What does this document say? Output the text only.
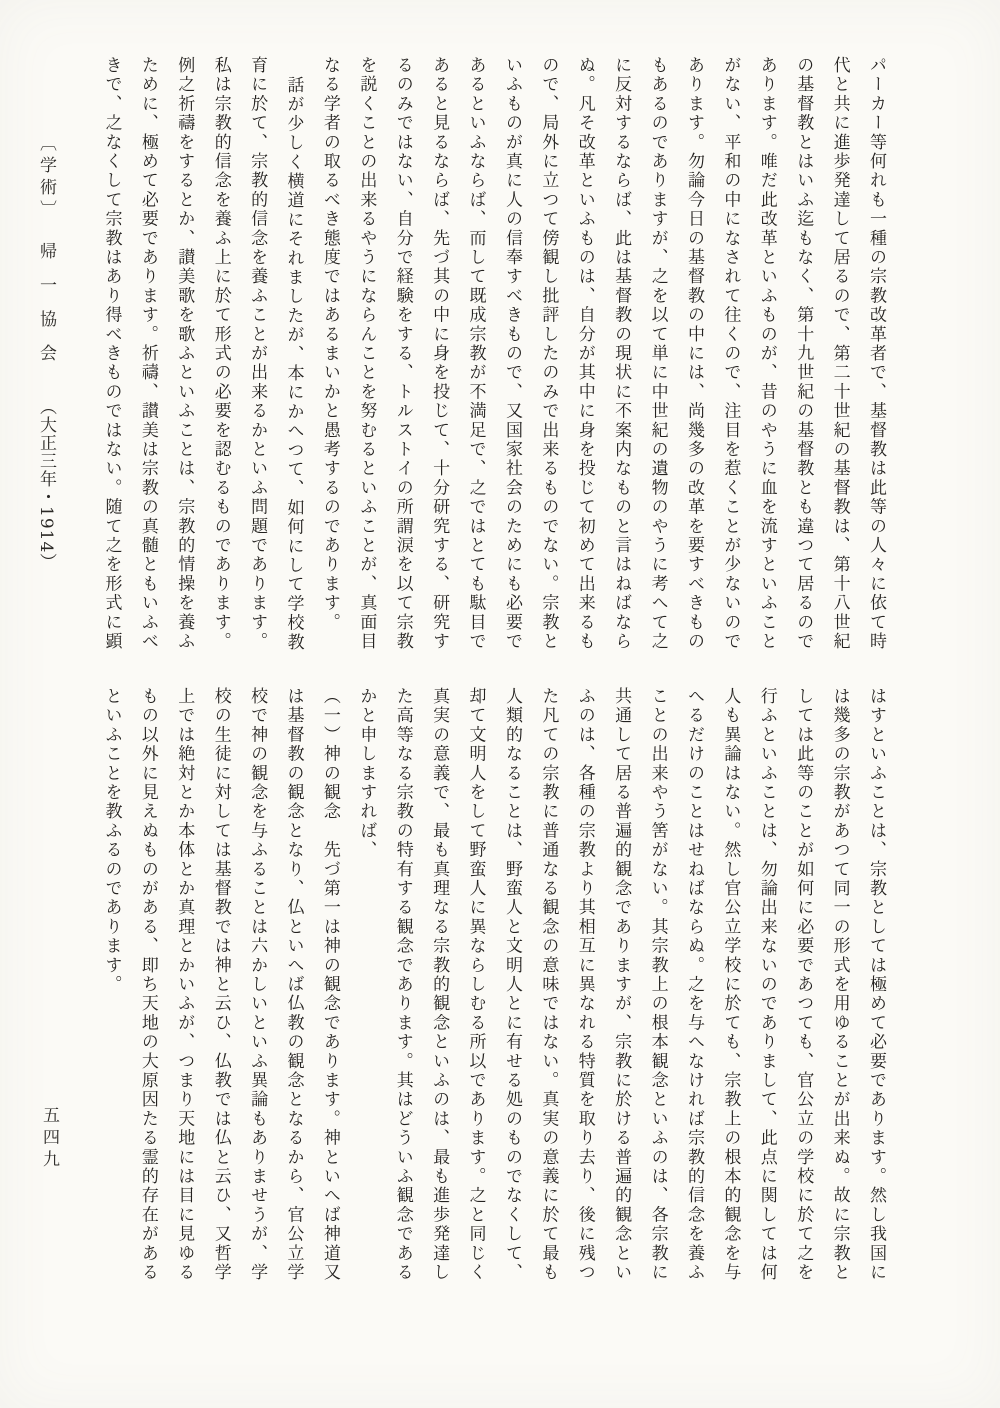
〔学術〕
帰一協会
（大正三年・1914）	パーカー等何れも一種の宗教改革者で、基督教は此等の人々に依て時
代と共に進歩発達して居るので、第二十世紀の基督教は、第十八世紀
の基督教とはいふ迄もなく、第十九世紀の基督教とも違つて居るので
あります。唯だ此改革といふものが、昔のやうに血を流すといふこと
がない、平和の中になされて往くので、注目を惹くことが少ないので
あります。勿論今日の基督教の中には、尚幾多の改革を要すべきもの
もあるのでありますが、之を以て単に中世紀の遺物のやうに考へて之
に反対するならば、此は基督教の現状に不案内なものと言はねばなら
ぬ。凡そ改革といふものは、自分が其中に身を投じて初めて出来るも
ので、局外に立つて傍観し批評したのみで出来るものでない。宗教と
いふものが真に人の信奉すべきもので、又国家社会のためにも必要で
あるといふならば、而して既成宗教が不満足で、之ではとても駄目で
あると見るならば、先づ其の中に身を投じて、十分研究する、研究す
るのみではない、自分で経験をする、トルストイの所謂涙を以て宗教
を説くことの出来るやうにならんことを努むるといふことが、真面目
なる学者の取るべき態度ではあるまいかと愚考するのであります。
話が少しく横道にそれましたが、本にかへつて、如何にして学校教
育に於て、宗教的信念を養ふことが出来るかといふ問題であります。
私は宗教的信念を養ふ上に於て形式の必要を認むるものであります。
例之祈禱をするとか、讃美歌を歌ふといふことは、宗教的情操を養ふ
ために、極めて必要であります。祈禱、讃美は宗教の真髄ともいふべ
きで、之なくして宗教はあり得べきものではない。随て之を形式に顕
はすといふことは、宗教としては極めて必要であります。然し我国に
は幾多の宗教があつて同一の形式を用ゆることが出来ぬ。故に宗教と
しては此等のことが如何に必要であつても、官公立の学校に於て之を
行ふといふことは、勿論出来ないのでありまして、此点に関しては何
人も異論はない。然し官公立学校に於ても、宗教上の根本的観念を与
へるだけのことはせねばならぬ。之を与へなければ宗教的信念を養ふ
ことの出来やう筈がない。其宗教上の根本観念といふのは、各宗教に
共通して居る普遍的観念でありますが、宗教に於ける普遍的観念とい
ふのは、各種の宗教より其相互に異なれる特質を取り去り、後に残つ
た凡ての宗教に普通なる観念の意味ではない。真実の意義に於て最も
人類的なることは、野蛮人と文明人とに有せる処のものでなくして、
却て文明人をして野蛮人に異ならしむる所以であります。之と同じく
真実の意義で、最も真理なる宗教的観念といふのは、最も進歩発達し
た高等なる宗教の特有する観念であります。其はどういふ観念である
かと申しますれば、
（一）神の観念　先づ第一は神の観念であります。神といへば神道又
は基督教の観念となり、仏といへば仏教の観念となるから、官公立学
校で神の観念を与ふることは六かしいといふ異論もありませうが、学
校の生徒に対しては基督教では神と云ひ、仏教では仏と云ひ、又哲学
上では絶対とか本体とか真理とかいふが、つまり天地には目に見ゆる
もの以外に見えぬものがある、即ち天地の大原因たる霊的存在がある
といふことを教ふるのであります。
五四九
